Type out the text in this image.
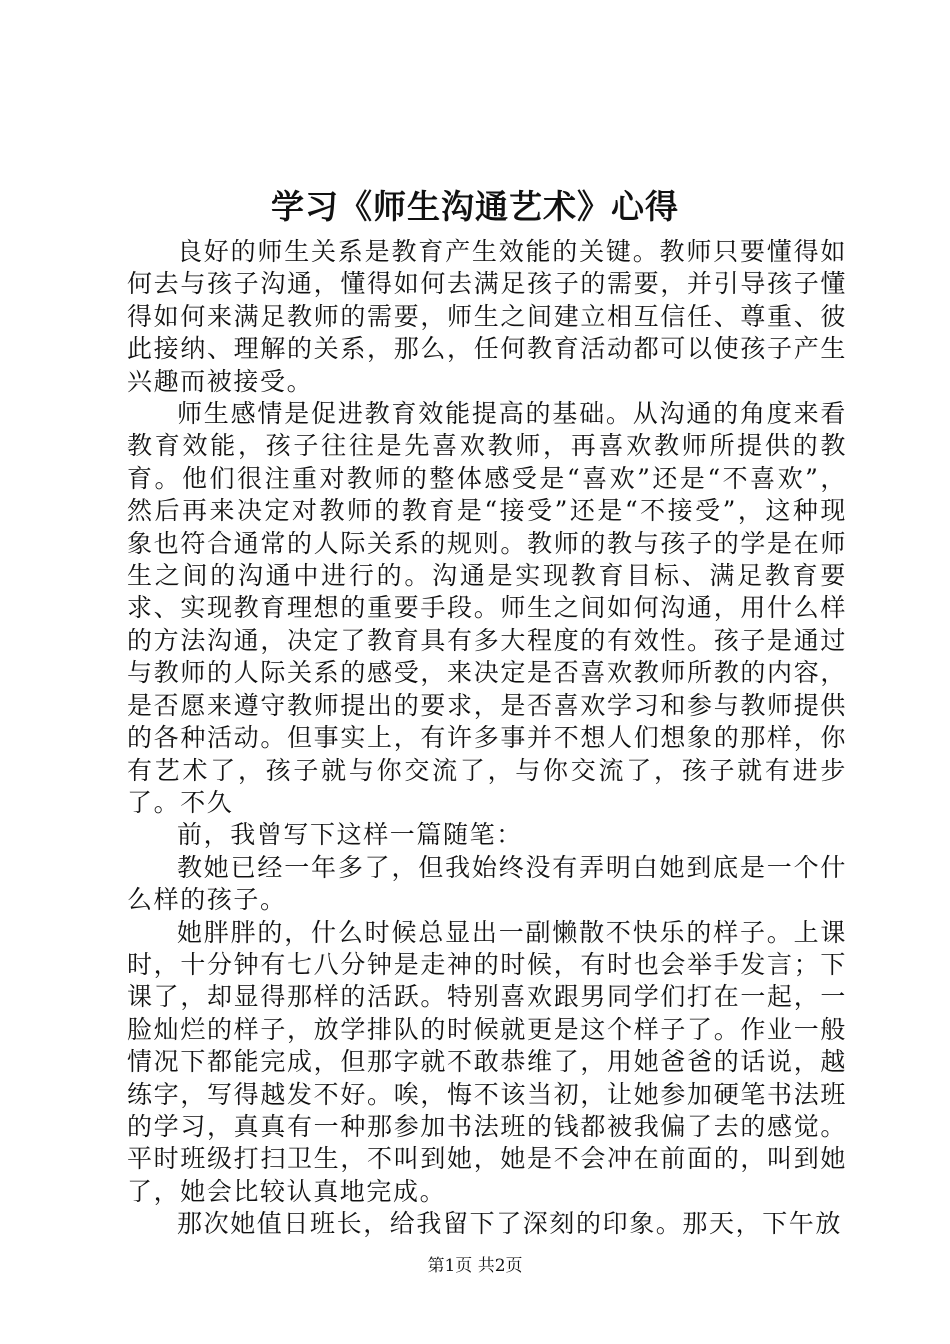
学习《师生沟通艺术》心得

良好的师生关系是教育产生效能的关键。教师只要懂得如何去与孩子沟通，懂得如何去满足孩子的需要，并引导孩子懂得如何来满足教师的需要，师生之间建立相互信任、尊重、彼此接纳、理解的关系，那么，任何教育活动都可以使孩子产生兴趣而被接受。

师生感情是促进教育效能提高的基础。从沟通的角度来看教育效能，孩子往往是先喜欢教师，再喜欢教师所提供的教育。他们很注重对教师的整体感受是“喜欢”还是“不喜欢”，然后再来决定对教师的教育是“接受”还是“不接受”，这种现象也符合通常的人际关系的规则。教师的教与孩子的学是在师生之间的沟通中进行的。沟通是实现教育目标、满足教育要求、实现教育理想的重要手段。师生之间如何沟通，用什么样的方法沟通，决定了教育具有多大程度的有效性。孩子是通过与教师的人际关系的感受，来决定是否喜欢教师所教的内容，是否愿来遵守教师提出的要求，是否喜欢学习和参与教师提供的各种活动。但事实上，有许多事并不想人们想象的那样，你有艺术了，孩子就与你交流了，与你交流了，孩子就有进步了。不久

前，我曾写下这样一篇随笔：

教她已经一年多了，但我始终没有弄明白她到底是一个什么样的孩子。

她胖胖的，什么时候总显出一副懒散不快乐的样子。上课时，十分钟有七八分钟是走神的时候，有时也会举手发言；下课了，却显得那样的活跃。特别喜欢跟男同学们打在一起，一脸灿烂的样子，放学排队的时候就更是这个样子了。作业一般情况下都能完成，但那字就不敢恭维了，用她爸爸的话说，越练字，写得越发不好。唉，悔不该当初，让她参加硬笔书法班的学习，真真有一种那参加书法班的钱都被我偏了去的感觉。平时班级打扫卫生，不叫到她，她是不会冲在前面的，叫到她了，她会比较认真地完成。

那次她值日班长，给我留下了深刻的印象。那天，下午放

第1页 共2页
